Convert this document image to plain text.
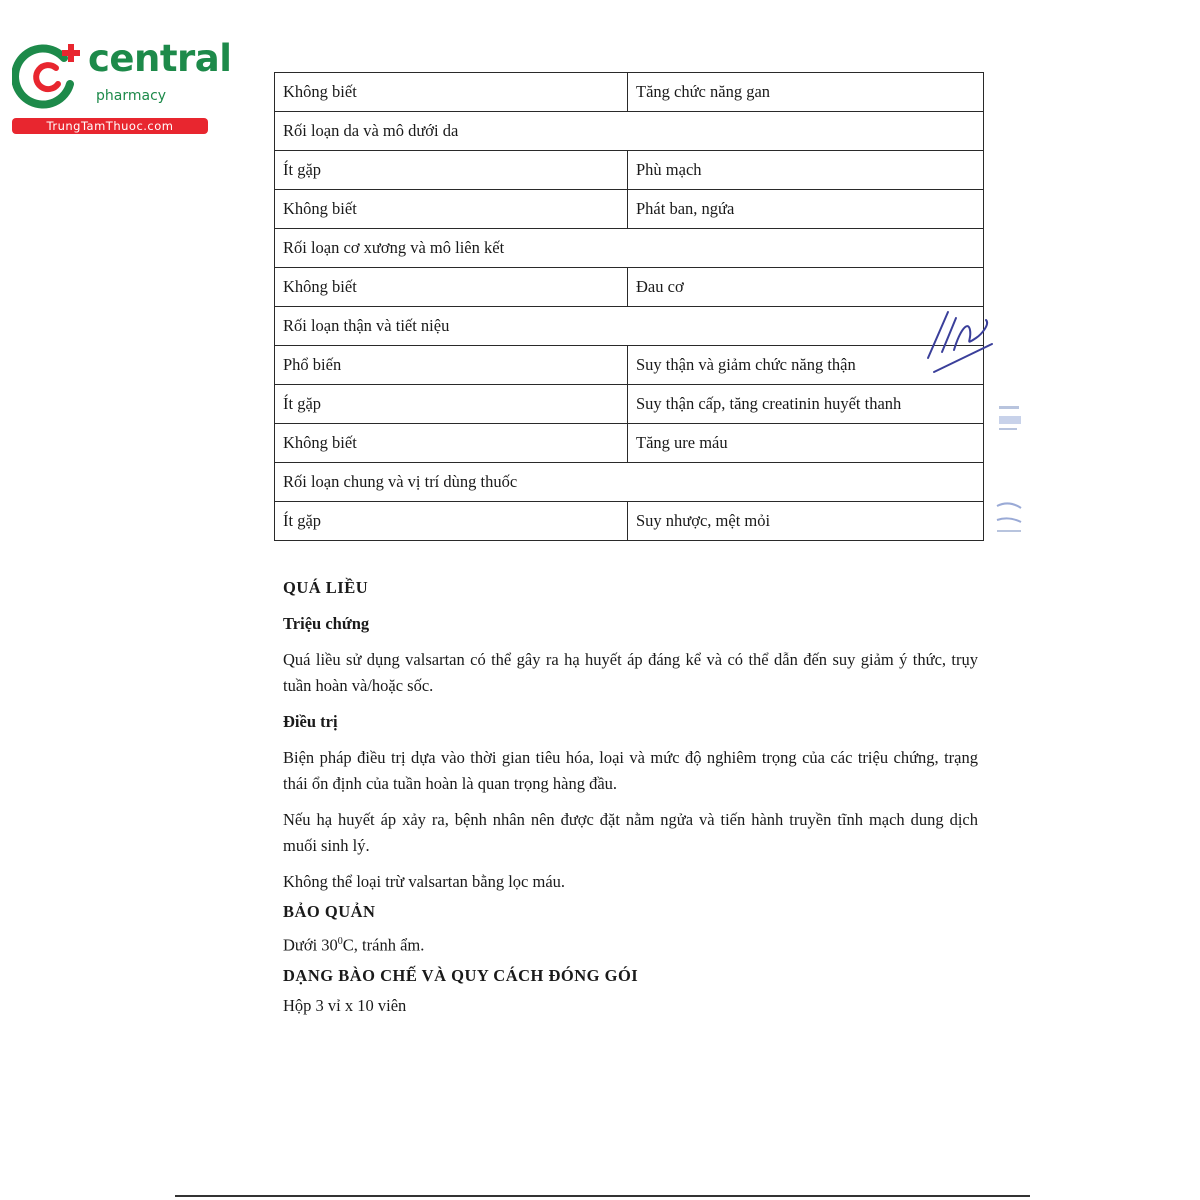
central
pharmacy
TrungTamThuoc.com
Không biết	Tăng chức năng gan
Rối loạn da và mô dưới da	
Ít gặp	Phù mạch
Không biết	Phát ban, ngứa
Rối loạn cơ xương và mô liên kết	
Không biết	Đau cơ
Rối loạn thận và tiết niệu	
Phổ biến	Suy thận và giảm chức năng thận
Ít gặp	Suy thận cấp, tăng creatinin huyết thanh
Không biết	Tăng ure máu
Rối loạn chung và vị trí dùng thuốc	
Ít gặp	Suy nhược, mệt mỏi

QUÁ LIỀU

Triệu chứng

Quá liều sử dụng valsartan có thể gây ra hạ huyết áp đáng kể và có thể dẫn đến suy giảm ý thức, trụy tuần hoàn và/hoặc sốc.

Điều trị

Biện pháp điều trị dựa vào thời gian tiêu hóa, loại và mức độ nghiêm trọng của các triệu chứng, trạng thái ổn định của tuần hoàn là quan trọng hàng đầu.

Nếu hạ huyết áp xảy ra, bệnh nhân nên được đặt nằm ngửa và tiến hành truyền tĩnh mạch dung dịch muối sinh lý.

Không thể loại trừ valsartan bằng lọc máu.

BẢO QUẢN

Dưới $30^0C$, tránh ẩm.

DẠNG BÀO CHẾ VÀ QUY CÁCH ĐÓNG GÓI

Hộp 3 vỉ x 10 viên
